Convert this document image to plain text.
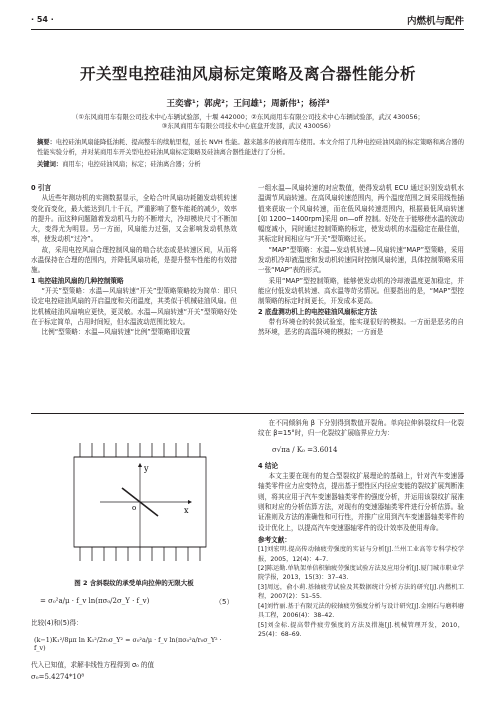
· 54 ·	内燃机与配件
开关型电控硅油风扇标定策略及离合器性能分析
王奕睿¹；郭虎²；王问雄¹；周新伟¹；杨洋³
（①东风商用车有限公司技术中心车辆试验部，十堰 442000；②东风商用车有限公司技术中心车辆试验部，武汉 430056；
③东风商用车有限公司技术中心底盘开发部，武汉 430056）
摘要：电控硅油风扇能降低油耗、提高整车的续航里程，延长 NVH 性能。越来越多的被商用车使用。本文介绍了几种电控硅油风扇的标定策略和离合器的性能实验分析，并对某商用车开关型电控硅油风扇标定策略及硅油离合器性能进行了分析。
关键词：商用车；电控硅油风扇；标定；硅油离合器；分析
0 引言

从近些年测功机的实测数据显示，全哈合叶风扇功耗随发动机转速变化而变化，最大能达到几十千瓦，严重影响了整车能耗的减少，效率的提升。而这种问题随着发动机马力的不断增大，冷却模块尺寸不断加大，变得尤为明显。另一方面，风扇能力过强，又会影响发动机热效率，使发动机“过冷”。

故，采用电控风扇合理控制风扇的啮合状态或是转速区间，从而将水温保持在合理的范围内，并降低风扇功耗，是提升整车性能的有效措施。

1 电控硅油风扇的几种控制策略

“开关”型策略：水温—风扇转速“开关”型策略策略较为简单：即只设定电控硅油风扇的开启温度和关闭温度，其类似于机械硅油风扇。但比机械硅油风扇响应更快，更灵敏。水温—风扇转速“开关”型策略好处在于标定简单，占用时间短，但水温波动范围比较大。

比例“型策略：水温—风扇转速“比例”型策略即设置

一组水温—风扇转速的对应数值，使得发动机 ECU 通过识别发动机水温调节风扇转速。在高风扇转速范围内，两个温度范围之间采用线性插值来获取一个风扇转速，而在低风扇转速范围内，根据最低风扇转速[如 1200~1400rpm]采用 on—off 控制。好处在于能够使水温的波动幅度减小，同时通过控制策略的标定，使发动机的水温稳定在最佳值，其标定时间相应与“开关”型策略过长。

“MAP”型策略：水温—发动机转速—风扇转速“MAP”型策略，采用发动机冷却液温度和发动机转速同时控制风扇转速，具体控制策略采用一张“MAP”表的形式。

采用“MAP”型控制策略，能够使发动机的冷却液温度更加稳定，并能应付低发动机转速、高水温等苛劣情况。但要指出的是，“MAP”型控制策略的标定时间更长，开发成本更高。

2 底盘测功机上的电控硅油风扇标定方法

带有环境仓的转鼓试验室，能实现很好的模拟。一方面是恶劣的自然环境，恶劣的高温环境的模拟；一方面是

y
x
o
图 2 含斜裂纹的承受单向拉伸的无限大板
= σ₀²a/μ · f_v ln(πσ₀/2σ_Y · f_v)	（5）
比较(4)和(5)得：
(k−1)K₁²/8μπ ln K₁²/2r₀σ_Y² = σ₀²a/μ · f_v ln(πσ₀²a/r₀σ_Y² · f_v)
代入已知值，求解非线性方程得到 σ₀ 的值
σ₀=5.4274*10⁸

在不同倾斜角 β 下分别得到数值开裂角。单向拉伸斜裂纹归一化裂纹在 β=15°时，归一化裂纹扩展临界应力为：

σ√πa / K₀ =3.6014
4 结论

本文主要在现有的复合型裂纹扩展理论的基础上，针对汽车变速器轴类零件应力应变特点，提出基于塑性区内径应变能的裂纹扩展判断准则，将其应用于汽车变速器轴类零件的强度分析，并运用该裂纹扩展准则和对应的分析估算方法，对现有的变速器轴类零件进行分析估算。验证准则及方法的准确性和可行性，并推广应用到汽车变速器轴类零件的设计优化上，以提高汽车变速器轴零件的设计效率及使用寿命。

参考文献：

[1]刘宏明.提高传动轴疲劳强度的实证与分析[J].兰州工业高等专科学校学报，2005，12(4)：4–7.

[2]陈运勤.单轨架单倍积轴疲劳强度试验方法及应用分析[J].厦门城市职业学院学报，2013，15(3)：37–43.

[3]周远，俞小莉.基轴疲劳试验及其数据统计分析方法的研究[J].内燃机工程，2007(2)：51–55.

[4]刘竹丽.基于有限元法的较轴疲劳强度分析与设计研究[J].金刚石与磨料磨具工程，2006(4)：38–42.

[5]刘金标.提高带件疲劳强度的方法及措施[J].机械管理开发，2010，25(4)：68–69.
